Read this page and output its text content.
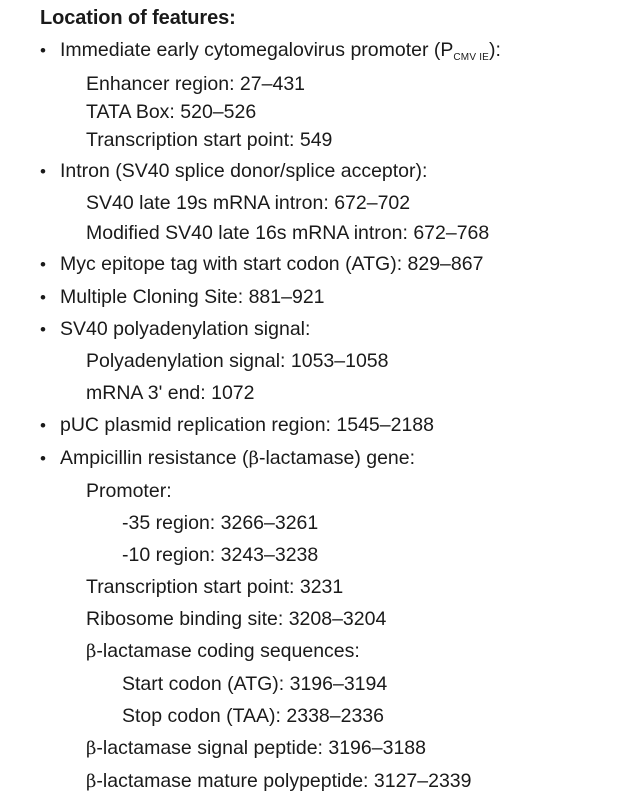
Location of features:
•
Immediate early cytomegalovirus promoter $(P_{CMV IE})$:
Enhancer region: 27–431
TATA Box: 520–526
Transcription start point: 549
•
Intron (SV40 splice donor/splice acceptor):
SV40 late 19s mRNA intron: 672–702
Modified SV40 late 16s mRNA intron: 672–768
•
Myc epitope tag with start codon (ATG): 829–867
•
Multiple Cloning Site: 881–921
•
SV40 polyadenylation signal:
Polyadenylation signal: 1053–1058
mRNA 3' end: 1072
•
pUC plasmid replication region: 1545–2188
•
Ampicillin resistance (β-lactamase) gene:
Promoter:
-35 region: 3266–3261
-10 region: 3243–3238
Transcription start point: 3231
Ribosome binding site: 3208–3204
β-lactamase coding sequences:
Start codon (ATG): 3196–3194
Stop codon (TAA): 2338–2336
β-lactamase signal peptide: 3196–3188
β-lactamase mature polypeptide: 3127–2339
